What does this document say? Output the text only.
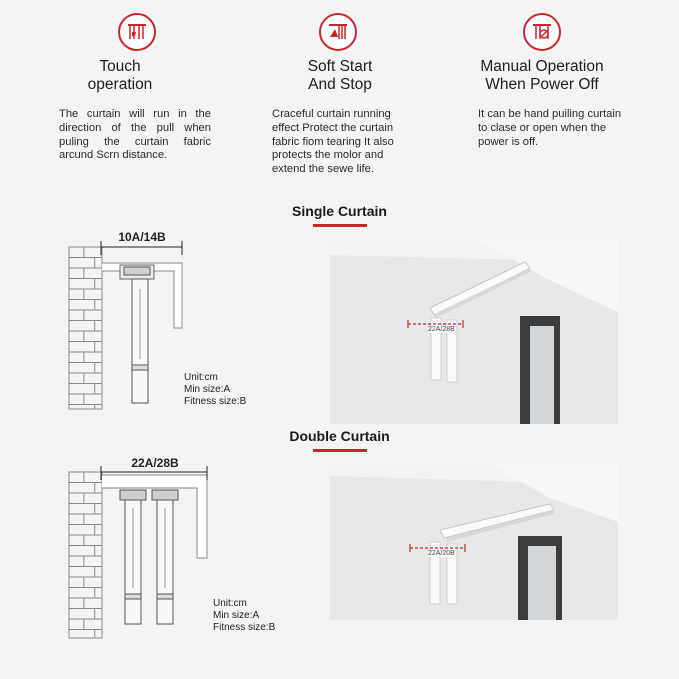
Touch
operation
The curtain will run in the direction of the pull when puling the curtain fabric arcund Scrn distance.
Soft Start
And Stop
Craceful curtain running effect Protect the curtain fabric fiom tearing It also protects the molor and extend the sewe life.
Manual Operation
When Power Off
It can be hand puiling curtain to clase or open when the power is off.
Single Curtain
10A/14B
Unit:cm
Min size:A
Fitness size:B
22A/28B
Double Curtain
22A/28B
Unit:cm
Min size:A
Fitness size:B
22A/20B
